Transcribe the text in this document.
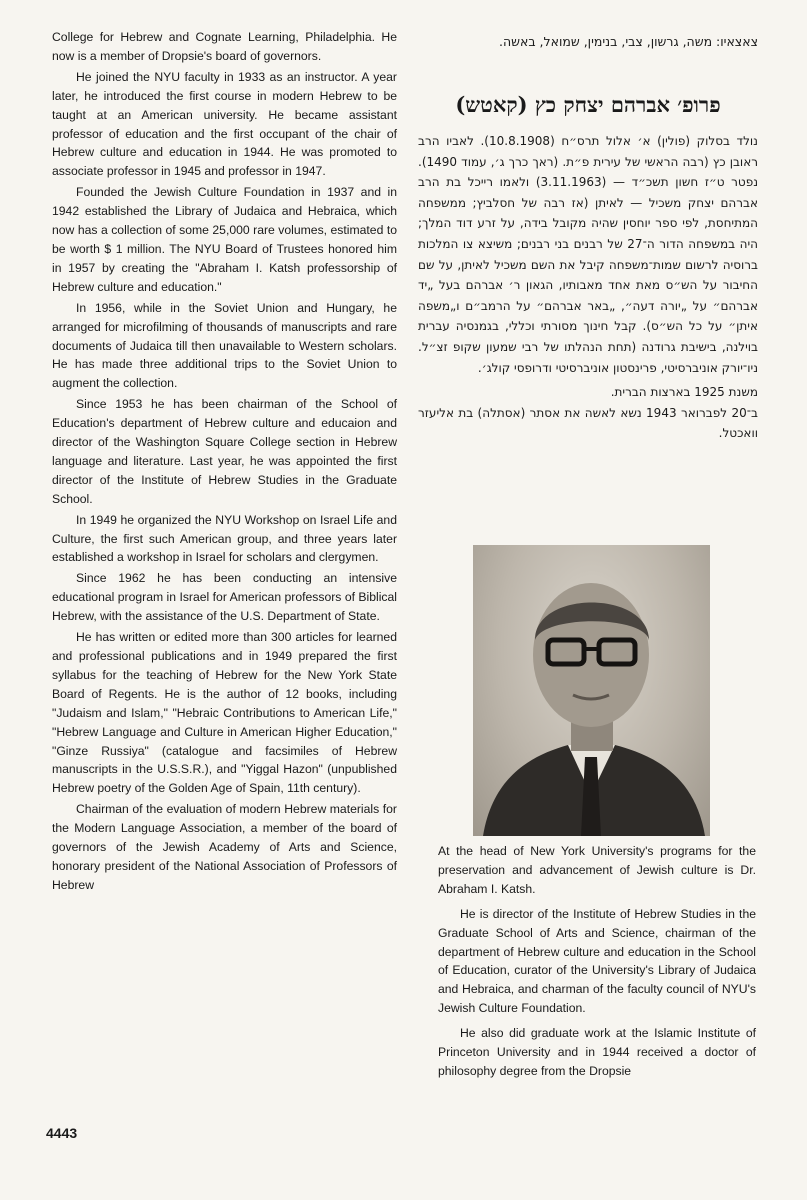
College for Hebrew and Cognate Learning, Philadelphia. He now is a member of Dropsie's board of governors.

He joined the NYU faculty in 1933 as an instructor. A year later, he introduced the first course in modern Hebrew to be taught at an American university. He became assistant professor of education and the first occupant of the chair of Hebrew culture and education in 1944. He was promoted to associate professor in 1945 and professor in 1947.

Founded the Jewish Culture Foundation in 1937 and in 1942 established the Library of Judaica and Hebraica, which now has a collection of some 25,000 rare volumes, estimated to be worth $ 1 million. The NYU Board of Trustees honored him in 1957 by creating the "Abraham I. Katsh professorship of Hebrew culture and education."

In 1956, while in the Soviet Union and Hungary, he arranged for microfilming of thousands of manuscripts and rare documents of Judaica till then unavailable to Western scholars. He has made three additional trips to the Soviet Union to augment the collection.

Since 1953 he has been chairman of the School of Education's department of Hebrew culture and educaion and director of the Washington Square College section in Hebrew language and literature. Last year, he was appointed the first director of the Institute of Hebrew Studies in the Graduate School.

In 1949 he organized the NYU Workshop on Israel Life and Culture, the first such American group, and three years later established a workshop in Israel for scholars and clergymen.

Since 1962 he has been conducting an intensive educational program in Israel for American professors of Biblical Hebrew, with the assistance of the U.S. Department of State.

He has written or edited more than 300 articles for learned and professional publications and in 1949 prepared the first syllabus for the teaching of Hebrew for the New York State Board of Regents. He is the author of 12 books, including "Judaism and Islam," "Hebraic Contributions to American Life," "Hebrew Language and Culture in American Higher Education," "Ginze Russiya" (catalogue and facsimiles of Hebrew manuscripts in the U.S.S.R.), and "Yiggal Hazon" (unpublished Hebrew poetry of the Golden Age of Spain, 11th century).

Chairman of the evaluation of modern Hebrew materials for the Modern Language Association, a member of the board of governors of the Jewish Academy of Arts and Science, honorary president of the National Association of Professors of Hebrew

צאצאיו: משה, גרשון, צבי, בנימין, שמואל, באשה.
פרופ׳ אברהם יצחק כץ (קאטש)

נולד בסלוק (פולין) א׳ אלול תרס״ח (10.8.1908). לאביו הרב ראובן כץ (רבה הראשי של עירית פ״ת. (ראך כרך ג׳, עמוד 1490). נפטר ט״ז חשון תשכ״ד — (3.11.1963) ולאמו רייכל בת הרב אברהם יצחק משכיל — לאיתן (אז רבה של חסלביץ; ממשפחה המתיחסת, לפי ספר יוחסין שהיה מקובל בידה, על זרע דוד המלך; היה במשפחה הדור ה־27 של רבנים בני רבנים; משיצא צו המלכות ברוסיה לרשום שמות־משפחה קיבל את השם משכיל לאיתן, על שם החיבור על הש״ס מאת אחד מאבותיו, הגאון ר׳ אברהם בעל „יד אברהם״ על „יורה דעה״, „באר אברהם״ על הרמב״ם ו„משפה איתן״ על כל הש״ס). קבל חינוך מסורתי וכללי, בגמנסיה עברית בוילנה, בישיבת גרודנה (תחת הנהלתו של רבי שמעון שקופ זצ״ל. ניו־יורק אוניברסיטי, פרינסטון אוניברסיטי ודרופסי קולג׳.

משנת 1925 בארצות הברית.

ב־20 לפברואר 1943 נשא לאשה את אסתר (אסתלה) בת אליעזר וואכטל.

At the head of New York University's programs for the preservation and advancement of Jewish culture is Dr. Abraham I. Katsh.

He is director of the Institute of Hebrew Studies in the Graduate School of Arts and Science, chairman of the department of Hebrew culture and education in the School of Education, curator of the University's Library of Judaica and Hebraica, and charman of the faculty council of NYU's Jewish Culture Foundation.

He also did graduate work at the Islamic Institute of Princeton University and in 1944 received a doctor of philosophy degree from the Dropsie

4443
